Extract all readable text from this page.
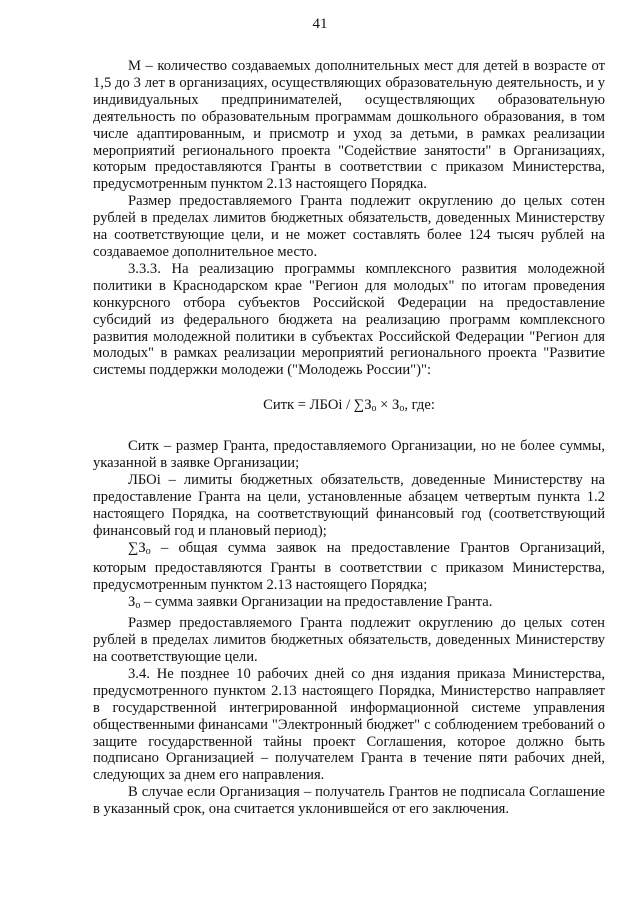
41

М – количество создаваемых дополнительных мест для детей в возрасте от 1,5 до 3 лет в организациях, осуществляющих образовательную деятельность, и у индивидуальных предпринимателей, осуществляющих образовательную деятельность по образовательным программам дошкольного образования, в том числе адаптированным, и присмотр и уход за детьми, в рамках реализации мероприятий регионального проекта "Содействие занятости" в Организациях, которым предоставляются Гранты в соответствии с приказом Министерства, предусмотренным пунктом 2.13 настоящего Порядка.

Размер предоставляемого Гранта подлежит округлению до целых сотен рублей в пределах лимитов бюджетных обязательств, доведенных Министерству на соответствующие цели, и не может составлять более 124 тысяч рублей на создаваемое дополнительное место.

3.3.3. На реализацию программы комплексного развития молодежной политики в Краснодарском крае "Регион для молодых" по итогам проведения конкурсного отбора субъектов Российской Федерации на предоставление субсидий из федерального бюджета на реализацию программ комплексного развития молодежной политики в субъектах Российской Федерации "Регион для молодых" в рамках реализации мероприятий регионального проекта "Развитие системы поддержки молодежи ("Молодежь России")":

Ситк = ЛБОi / $\sum З_о \times З_о$, где:

Ситк – размер Гранта, предоставляемого Организации, но не более суммы, указанной в заявке Организации;

ЛБОi – лимиты бюджетных обязательств, доведенные Министерству на предоставление Гранта на цели, установленные абзацем четвертым пункта 1.2 настоящего Порядка, на соответствующий финансовый год (соответствующий финансовый год и плановый период);

$\sum З_о$ – общая сумма заявок на предоставление Грантов Организаций, которым предоставляются Гранты в соответствии с приказом Министерства, предусмотренным пунктом 2.13 настоящего Порядка;

$З_о$ – сумма заявки Организации на предоставление Гранта.

Размер предоставляемого Гранта подлежит округлению до целых сотен рублей в пределах лимитов бюджетных обязательств, доведенных Министерству на соответствующие цели.

3.4. Не позднее 10 рабочих дней со дня издания приказа Министерства, предусмотренного пунктом 2.13 настоящего Порядка, Министерство направляет в государственной интегрированной информационной системе управления общественными финансами "Электронный бюджет" с соблюдением требований о защите государственной тайны проект Соглашения, которое должно быть подписано Организацией – получателем Гранта в течение пяти рабочих дней, следующих за днем его направления.

В случае если Организация – получатель Грантов не подписала Соглашение в указанный срок, она считается уклонившейся от его заключения.
